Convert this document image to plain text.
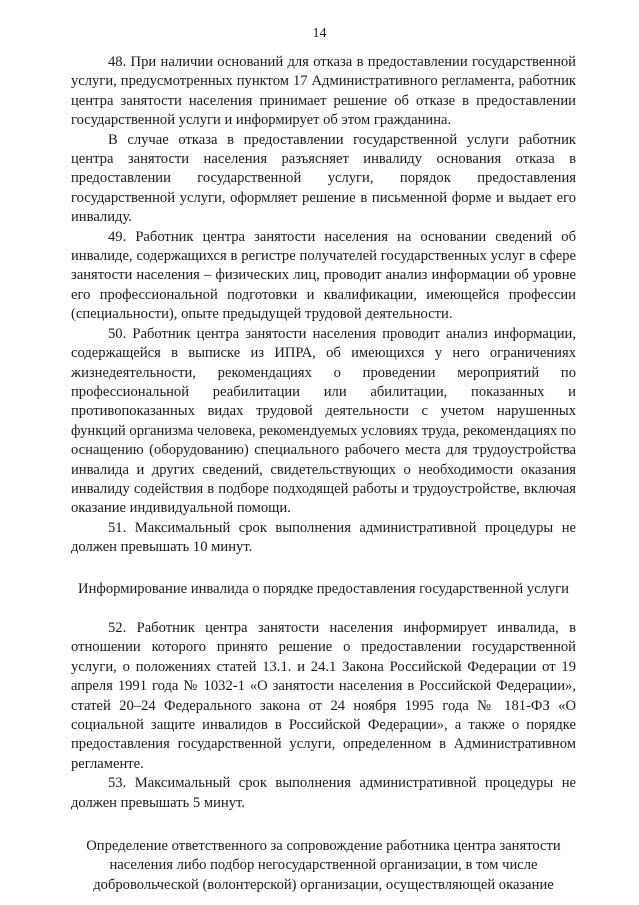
14

48. При наличии оснований для отказа в предоставлении государственной услуги, предусмотренных пунктом 17 Административного регламента, работник центра занятости населения принимает решение об отказе в предоставлении государственной услуги и информирует об этом гражданина.

В случае отказа в предоставлении государственной услуги работник центра занятости населения разъясняет инвалиду основания отказа в предоставлении государственной услуги, порядок предоставления государственной услуги, оформляет решение в письменной форме и выдает его инвалиду.

49. Работник центра занятости населения на основании сведений об инвалиде, содержащихся в регистре получателей государственных услуг в сфере занятости населения – физических лиц, проводит анализ информации об уровне его профессиональной подготовки и квалификации, имеющейся профессии (специальности), опыте предыдущей трудовой деятельности.

50. Работник центра занятости населения проводит анализ информации, содержащейся в выписке из ИПРА, об имеющихся у него ограничениях жизнедеятельности, рекомендациях о проведении мероприятий по профессиональной реабилитации или абилитации, показанных и противопоказанных видах трудовой деятельности с учетом нарушенных функций организма человека, рекомендуемых условиях труда, рекомендациях по оснащению (оборудованию) специального рабочего места для трудоустройства инвалида и других сведений, свидетельствующих о необходимости оказания инвалиду содействия в подборе подходящей работы и трудоустройстве, включая оказание индивидуальной помощи.

51. Максимальный срок выполнения административной процедуры не должен превышать 10 минут.

Информирование инвалида о порядке предоставления государственной услуги

52. Работник центра занятости населения информирует инвалида, в отношении которого принято решение о предоставлении государственной услуги, о положениях статей 13.1. и 24.1 Закона Российской Федерации от 19 апреля 1991 года № 1032-1 «О занятости населения в Российской Федерации», статей 20–24 Федерального закона от 24 ноября 1995 года № 181-ФЗ «О социальной защите инвалидов в Российской Федерации», а также о порядке предоставления государственной услуги, определенном в Административном регламенте.

53. Максимальный срок выполнения административной процедуры не должен превышать 5 минут.

Определение ответственного за сопровождение работника центра занятости населения либо подбор негосударственной организации, в том числе добровольческой (волонтерской) организации, осуществляющей оказание
